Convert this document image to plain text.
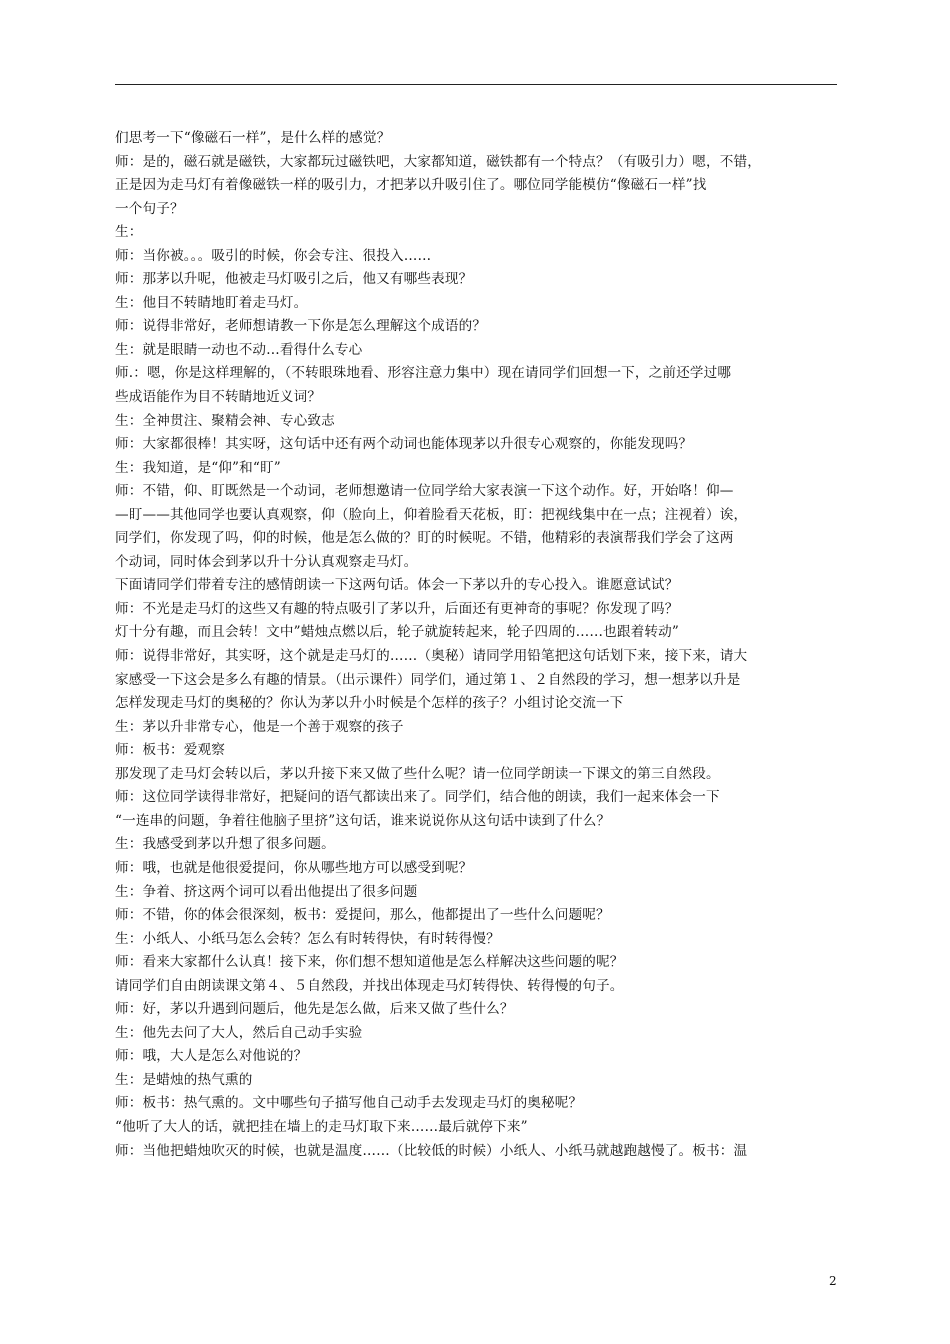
们思考一下“像磁石一样”，是什么样的感觉？
师：是的，磁石就是磁铁，大家都玩过磁铁吧，大家都知道，磁铁都有一个特点？（有吸引力）嗯，不错，
正是因为走马灯有着像磁铁一样的吸引力，才把茅以升吸引住了。哪位同学能模仿“像磁石一样”找
一个句子？
生：
师：当你被。。。吸引的时候，你会专注、很投入……
师：那茅以升呢，他被走马灯吸引之后，他又有哪些表现？
生：他目不转睛地盯着走马灯。
师：说得非常好，老师想请教一下你是怎么理解这个成语的？
生：就是眼睛一动也不动…看得什么专心
师.：嗯，你是这样理解的，（不转眼珠地看、形容注意力集中）现在请同学们回想一下，之前还学过哪
些成语能作为目不转睛地近义词？
生：全神贯注、聚精会神、专心致志
师：大家都很棒！其实呀，这句话中还有两个动词也能体现茅以升很专心观察的，你能发现吗？
生：我知道，是“仰”和“盯”
师：不错，仰、盯既然是一个动词，老师想邀请一位同学给大家表演一下这个动作。好，开始咯！仰—
—盯——其他同学也要认真观察，仰（脸向上，仰着脸看天花板，盯：把视线集中在一点；注视着）诶，
同学们，你发现了吗，仰的时候，他是怎么做的？盯的时候呢。不错，他精彩的表演帮我们学会了这两
个动词，同时体会到茅以升十分认真观察走马灯。
下面请同学们带着专注的感情朗读一下这两句话。体会一下茅以升的专心投入。谁愿意试试？
师：不光是走马灯的这些又有趣的特点吸引了茅以升，后面还有更神奇的事呢？你发现了吗？
灯十分有趣，而且会转！文中”蜡烛点燃以后，轮子就旋转起来，轮子四周的……也跟着转动”
师：说得非常好，其实呀，这个就是走马灯的……（奥秘）请同学用铅笔把这句话划下来，接下来，请大
家感受一下这会是多么有趣的情景。（出示课件）同学们，通过第１、２自然段的学习，想一想茅以升是
怎样发现走马灯的奥秘的？你认为茅以升小时候是个怎样的孩子？小组讨论交流一下
生：茅以升非常专心，他是一个善于观察的孩子
师：板书：爱观察
那发现了走马灯会转以后，茅以升接下来又做了些什么呢？请一位同学朗读一下课文的第三自然段。
师：这位同学读得非常好，把疑问的语气都读出来了。同学们，结合他的朗读，我们一起来体会一下
“一连串的问题，争着往他脑子里挤”这句话，谁来说说你从这句话中读到了什么？
生：我感受到茅以升想了很多问题。
师：哦，也就是他很爱提问，你从哪些地方可以感受到呢？
生：争着、挤这两个词可以看出他提出了很多问题
师：不错，你的体会很深刻，板书：爱提问，那么，他都提出了一些什么问题呢？
生：小纸人、小纸马怎么会转？怎么有时转得快，有时转得慢？
师：看来大家都什么认真！接下来，你们想不想知道他是怎么样解决这些问题的呢？
请同学们自由朗读课文第４、５自然段，并找出体现走马灯转得快、转得慢的句子。
师：好，茅以升遇到问题后，他先是怎么做，后来又做了些什么？
生：他先去问了大人，然后自己动手实验
师：哦，大人是怎么对他说的？
生：是蜡烛的热气熏的
师：板书：热气熏的。文中哪些句子描写他自己动手去发现走马灯的奥秘呢？
“他听了大人的话，就把挂在墙上的走马灯取下来……最后就停下来”
师：当他把蜡烛吹灭的时候，也就是温度……（比较低的时候）小纸人、小纸马就越跑越慢了。板书：温
2
